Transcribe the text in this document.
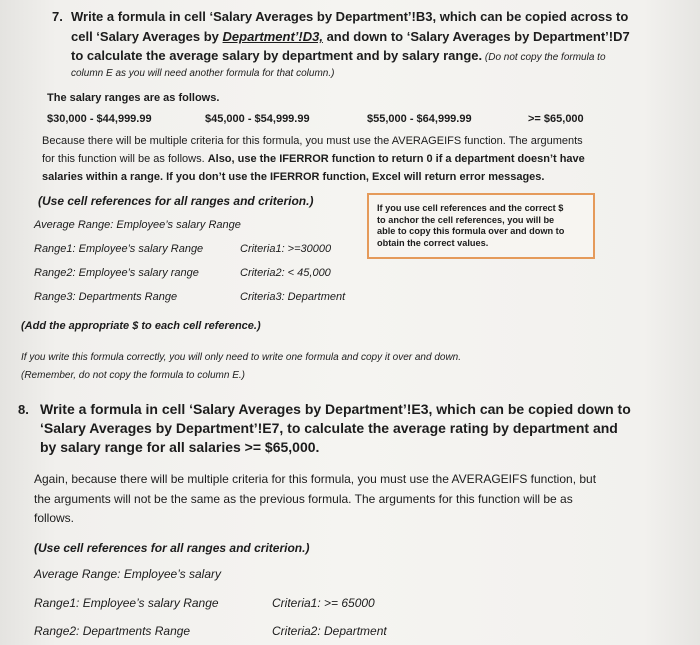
7. Write a formula in cell ‘Salary Averages by Department’!B3, which can be copied across to
cell ‘Salary Averages by Department’!D3, and down to ‘Salary Averages by Department’!D7
to calculate the average salary by department and by salary range. (Do not copy the formula to
column E as you will need another formula for that column.)
The salary ranges are as follows.
$30,000 - $44,999.99	$45,000 - $54,999.99	$55,000 - $64,999.99	>= $65,000
Because there will be multiple criteria for this formula, you must use the AVERAGEIFS function. The arguments
for this function will be as follows. Also, use the IFERROR function to return 0 if a department doesn’t have
salaries within a range. If you don’t use the IFERROR function, Excel will return error messages.
(Use cell references for all ranges and criterion.)
Average Range: Employee’s salary Range
Range1: Employee’s salary Range	Criteria1: >=30000
Range2: Employee’s salary range	Criteria2: < 45,000
Range3: Departments Range	Criteria3: Department
If you use cell references and the correct $
to anchor the cell references, you will be
able to copy this formula over and down to
obtain the correct values.
(Add the appropriate $ to each cell reference.)
If you write this formula correctly, you will only need to write one formula and copy it over and down.
(Remember, do not copy the formula to column E.)
8. Write a formula in cell ‘Salary Averages by Department’!E3, which can be copied down to
‘Salary Averages by Department’!E7, to calculate the average rating by department and
by salary range for all salaries >= $65,000.
Again, because there will be multiple criteria for this formula, you must use the AVERAGEIFS function, but
the arguments will not be the same as the previous formula. The arguments for this function will be as
follows.
(Use cell references for all ranges and criterion.)
Average Range: Employee’s salary
Range1: Employee’s salary Range	Criteria1: >= 65000
Range2: Departments Range	Criteria2: Department
